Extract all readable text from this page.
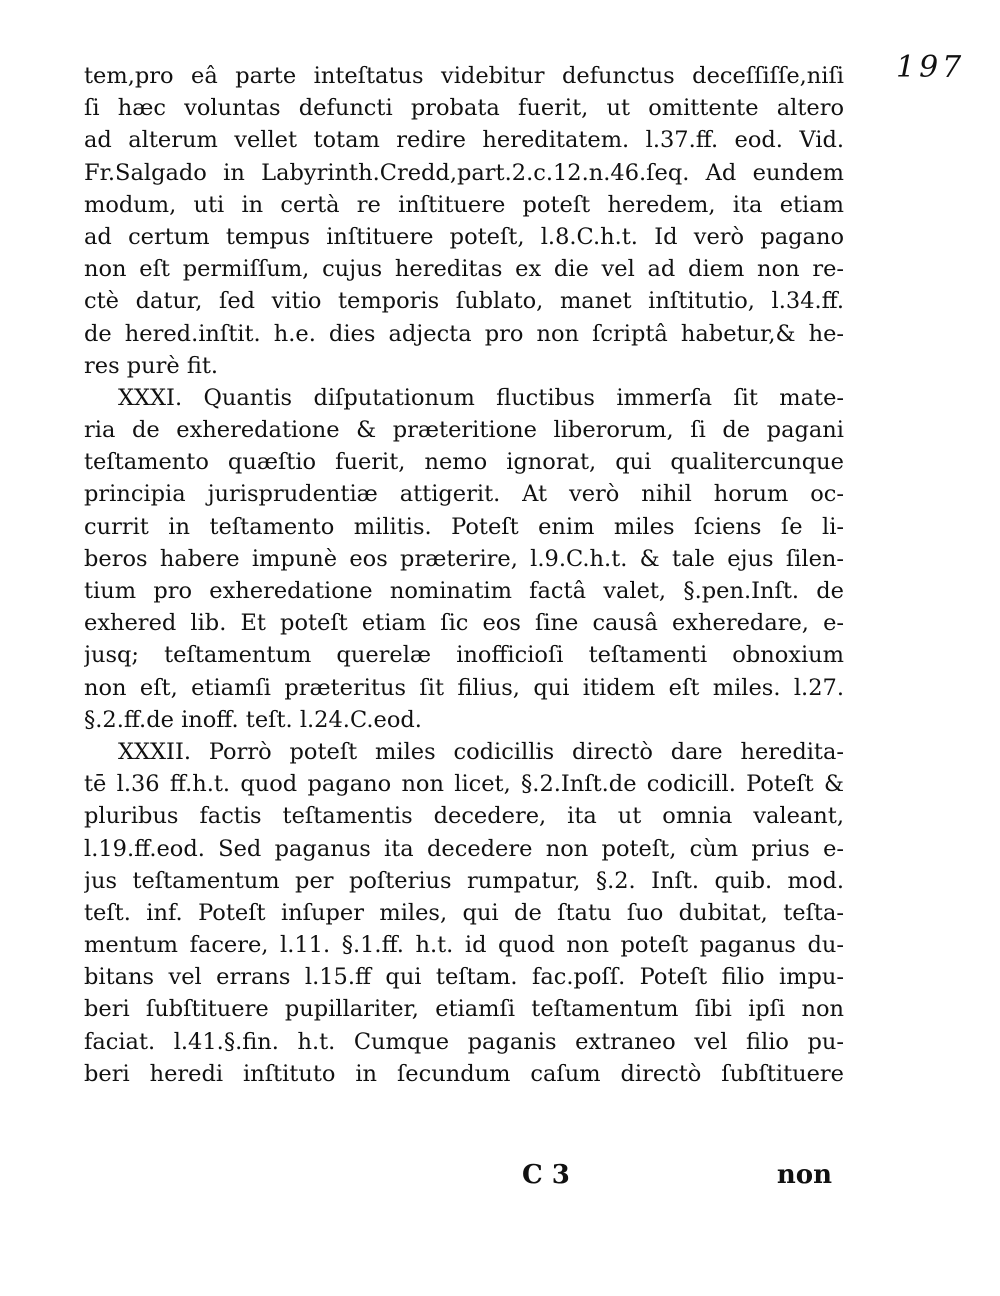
197
tem,pro eâ parte inteſtatus videbitur defunctus deceſſiſſe,niſi
ſi hæc voluntas defuncti probata fuerit, ut omittente altero
ad alterum vellet totam redire hereditatem. l.37.ff. eod. Vid.
Fr.Salgado in Labyrinth.Credd,part.2.c.12.n.46.ſeq. Ad eundem
modum, uti in certà re inſtituere poteſt heredem, ita etiam
ad certum tempus inſtituere poteſt, l.8.C.h.t. Id verò pagano
non eſt permiſſum, cujus hereditas ex die vel ad diem non re-
ctè datur, ſed vitio temporis ſublato, manet inſtitutio, l.34.ff.
de hered.inſtit. h.e. dies adjecta pro non ſcriptâ habetur,& he-
res purè fit.
XXXI. Quantis diſputationum fluctibus immerſa ſit mate-
ria de exheredatione & præteritione liberorum, ſi de pagani
teſtamento quæſtio fuerit, nemo ignorat, qui qualitercunque
principia jurisprudentiæ attigerit. At verò nihil horum oc-
currit in teſtamento militis. Poteſt enim miles ſciens ſe li-
beros habere impunè eos præterire, l.9.C.h.t. & tale ejus ſilen-
tium pro exheredatione nominatim factâ valet, §.pen.Inſt. de
exhered lib. Et poteſt etiam ſic eos ſine causâ exheredare, e-
jusq; teſtamentum querelæ inofficioſi teſtamenti obnoxium
non eſt, etiamſi præteritus ſit filius, qui itidem eſt miles. l.27.
§.2.ff.de inoff. teſt. l.24.C.eod.
XXXII. Porrò poteſt miles codicillis directò dare heredita-
tē l.36 ff.h.t. quod pagano non licet, §.2.Inſt.de codicill. Poteſt &
pluribus factis teſtamentis decedere, ita ut omnia valeant,
l.19.ff.eod. Sed paganus ita decedere non poteſt, cùm prius e-
jus teſtamentum per poſterius rumpatur, §.2. Inſt. quib. mod.
teſt. inf. Poteſt inſuper miles, qui de ſtatu ſuo dubitat, teſta-
mentum facere, l.11. §.1.ff. h.t. id quod non poteſt paganus du-
bitans vel errans l.15.ff qui teſtam. fac.poſſ. Poteſt filio impu-
beri ſubſtituere pupillariter, etiamſi teſtamentum ſibi ipſi non
faciat. l.41.§.fin. h.t. Cumque paganis extraneo vel filio pu-
beri heredi inſtituto in ſecundum caſum directò ſubſtituere
C 3	non
